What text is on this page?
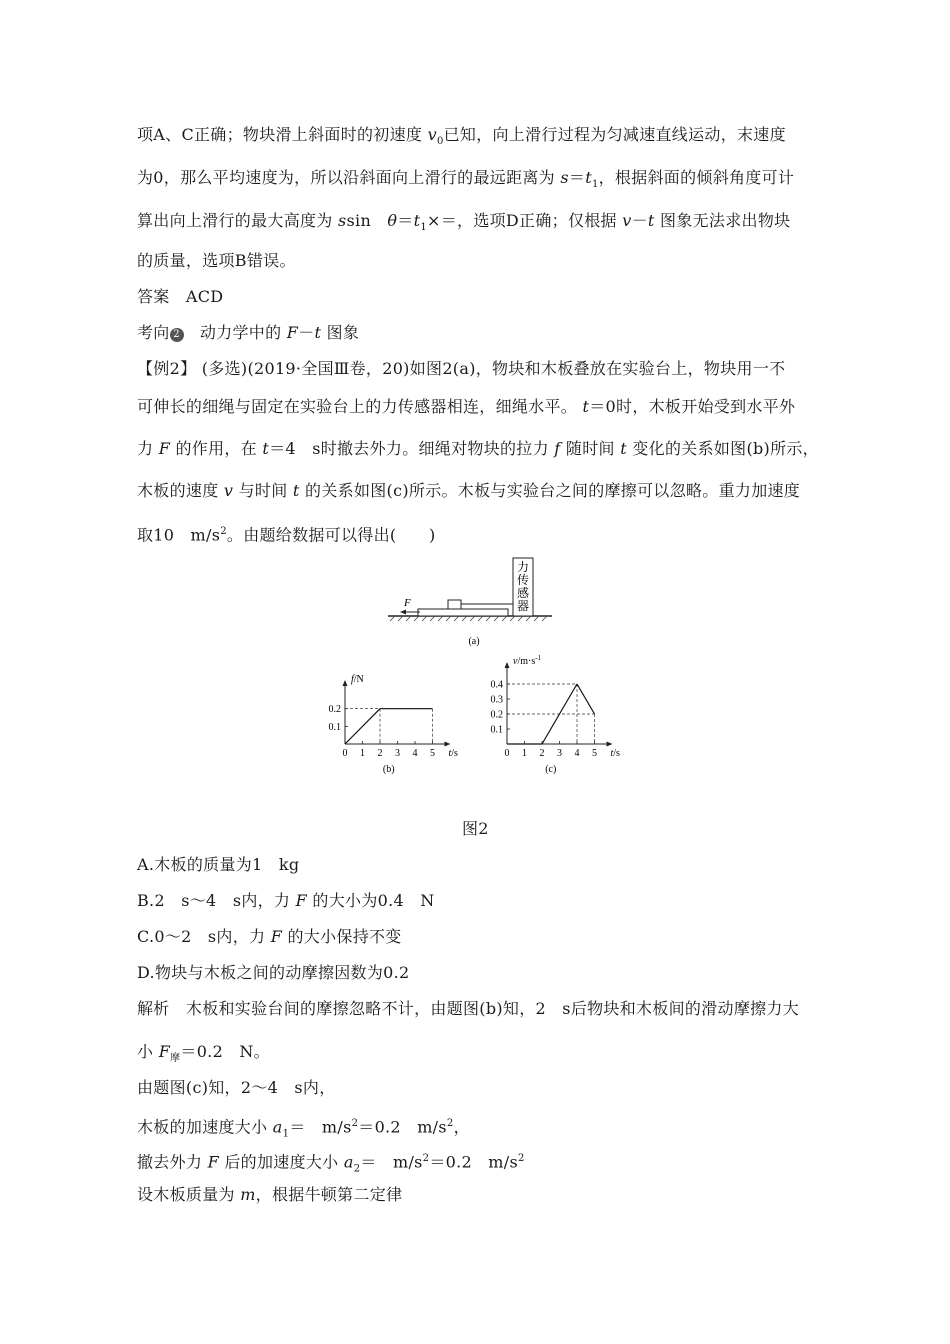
项A、C正确；物块滑上斜面时的初速度 $v_0$已知，向上滑行过程为匀减速直线运动，末速度
为0，那么平均速度为，所以沿斜面向上滑行的最远距离为 $s=t_1$，根据斜面的倾斜角度可计
算出向上滑行的最大高度为 ssin　$\theta=t_1\times=$，选项D正确；仅根据 v－t 图象无法求出物块
的质量，选项B错误。
答案　ACD
考向 2　动力学中的 F－t 图象
【例2】 (多选)(2019·全国Ⅲ卷，20)如图2(a)，物块和木板叠放在实验台上，物块用一不
可伸长的细绳与固定在实验台上的力传感器相连，细绳水平。 t＝0时，木板开始受到水平外
力 F 的作用，在 t＝4　s时撤去外力。细绳对物块的拉力 f 随时间 t 变化的关系如图(b)所示，
木板的速度 v 与时间 t 的关系如图(c)所示。木板与实验台之间的摩擦可以忽略。重力加速度
取10　$m/s^2$。由题给数据可以得出(　　)
力
传
感
器
F
(a)
0 1 2 3 4 5
0.1
0.2
f/N
t/s
(b)
0 1 2 3 4 5
0.1
0.2
0.3
0.4
$v/m\cdot s^{-1}$
t/s
(c)
图2
A.木板的质量为1　kg
B.2　s～4　s内，力 F 的大小为0.4　N
C.0～2　s内，力 F 的大小保持不变
D.物块与木板之间的动摩擦因数为0.2
解析　木板和实验台间的摩擦忽略不计，由题图(b)知，2　s后物块和木板间的滑动摩擦力大
小 $F_摩=0.2$　N。
由题图(c)知，2～4　s内，
木板的加速度大小 $a_1=$　$m/s^2=0.2$　$m/s^2$，
撤去外力 F 后的加速度大小 $a_2=$　$m/s^2=0.2$　$m/s^2$
设木板质量为 m，根据牛顿第二定律
